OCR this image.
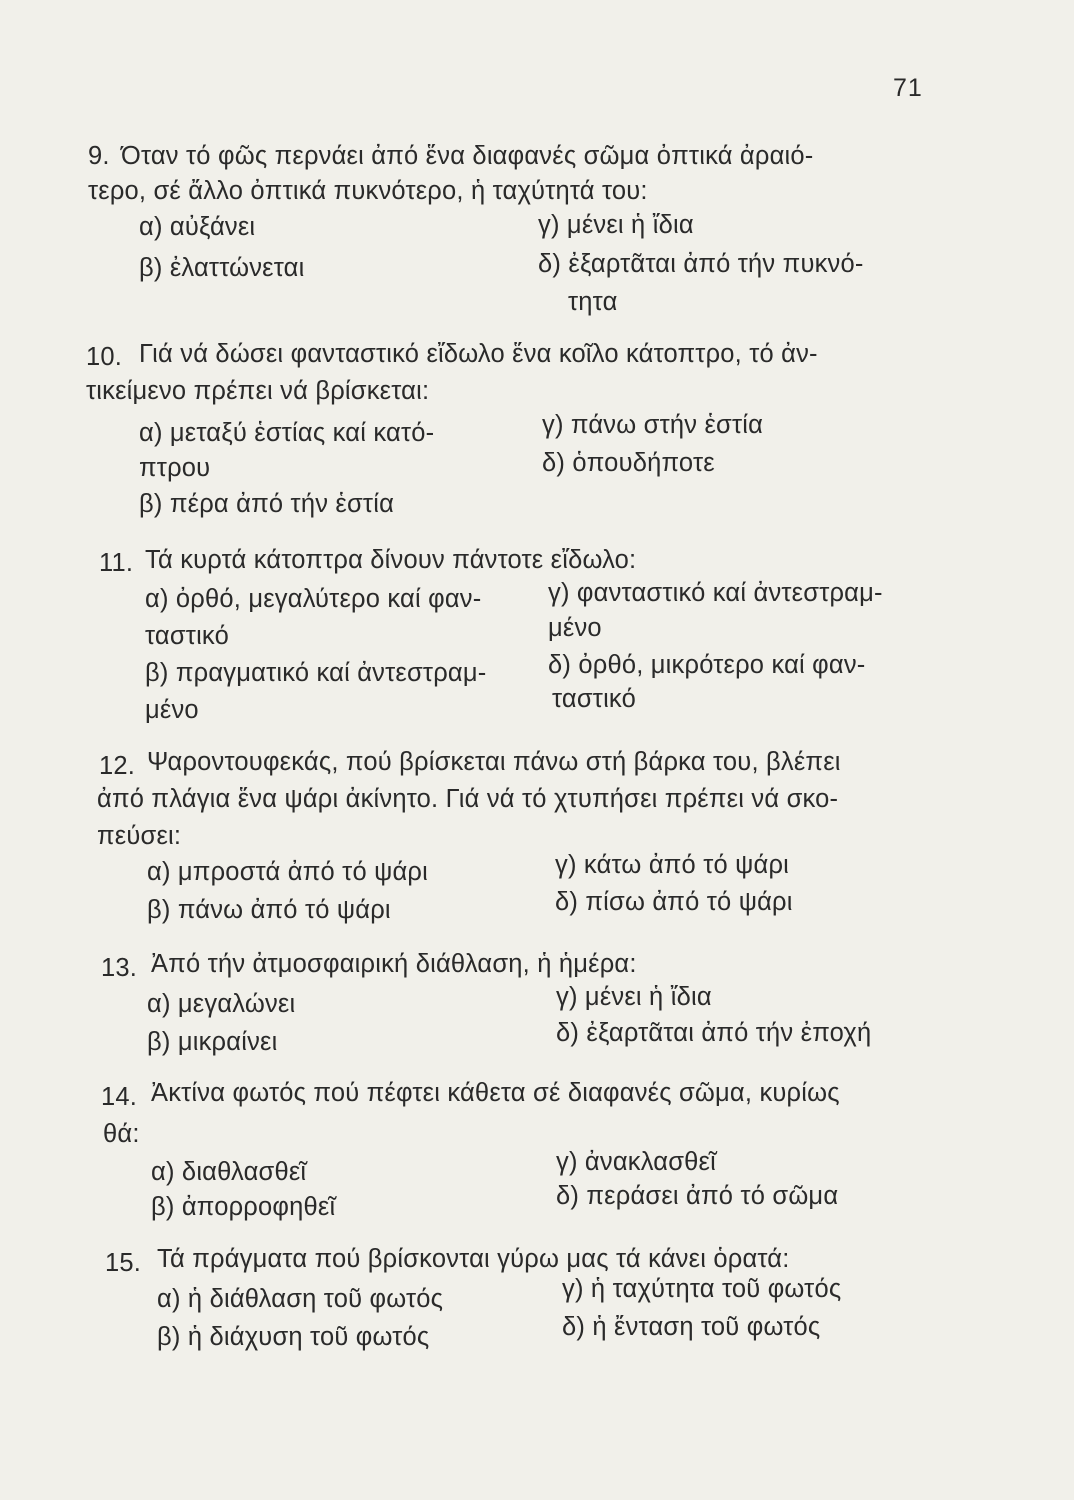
71
9. Όταν τό φῶς περνάει ἀπό ἕνα διαφανές σῶμα ὀπτικά ἀραιό-
τερο, σέ ἄλλο ὀπτικά πυκνότερο, ἡ ταχύτητά του:
α) αὐξάνει
β) ἐλαττώνεται
γ) μένει ἡ ἴδια
δ) ἐξαρτᾶται ἀπό τήν πυκνό-
τητα
10. Γιά νά δώσει φανταστικό εἴδωλο ἕνα κοῖλο κάτοπτρο, τό ἀν-
τικείμενο πρέπει νά βρίσκεται:
α) μεταξύ ἑστίας καί κατό-
πτρου
β) πέρα ἀπό τήν ἑστία
γ) πάνω στήν ἑστία
δ) ὁπουδήποτε
11. Τά κυρτά κάτοπτρα δίνουν πάντοτε εἴδωλο:
α) ὀρθό, μεγαλύτερο καί φαν-
ταστικό
β) πραγματικό καί ἀντεστραμ-
μένο
γ) φανταστικό καί ἀντεστραμ-
μένο
δ) ὀρθό, μικρότερο καί φαν-
ταστικό
12. Ψαροντουφεκάς, πού βρίσκεται πάνω στή βάρκα του, βλέπει
ἀπό πλάγια ἕνα ψάρι ἀκίνητο. Γιά νά τό χτυπήσει πρέπει νά σκο-
πεύσει:
α) μπροστά ἀπό τό ψάρι
β) πάνω ἀπό τό ψάρι
γ) κάτω ἀπό τό ψάρι
δ) πίσω ἀπό τό ψάρι
13. Ἀπό τήν ἀτμοσφαιρική διάθλαση, ἡ ἡμέρα:
α) μεγαλώνει
β) μικραίνει
γ) μένει ἡ ἴδια
δ) ἐξαρτᾶται ἀπό τήν ἐποχή
14. Ἀκτίνα φωτός πού πέφτει κάθετα σέ διαφανές σῶμα, κυρίως
θά:
α) διαθλασθεῖ
β) ἀπορροφηθεῖ
γ) ἀνακλασθεῖ
δ) περάσει ἀπό τό σῶμα
15. Τά πράγματα πού βρίσκονται γύρω μας τά κάνει ὁρατά:
α) ἡ διάθλαση τοῦ φωτός
β) ἡ διάχυση τοῦ φωτός
γ) ἡ ταχύτητα τοῦ φωτός
δ) ἡ ἔνταση τοῦ φωτός
